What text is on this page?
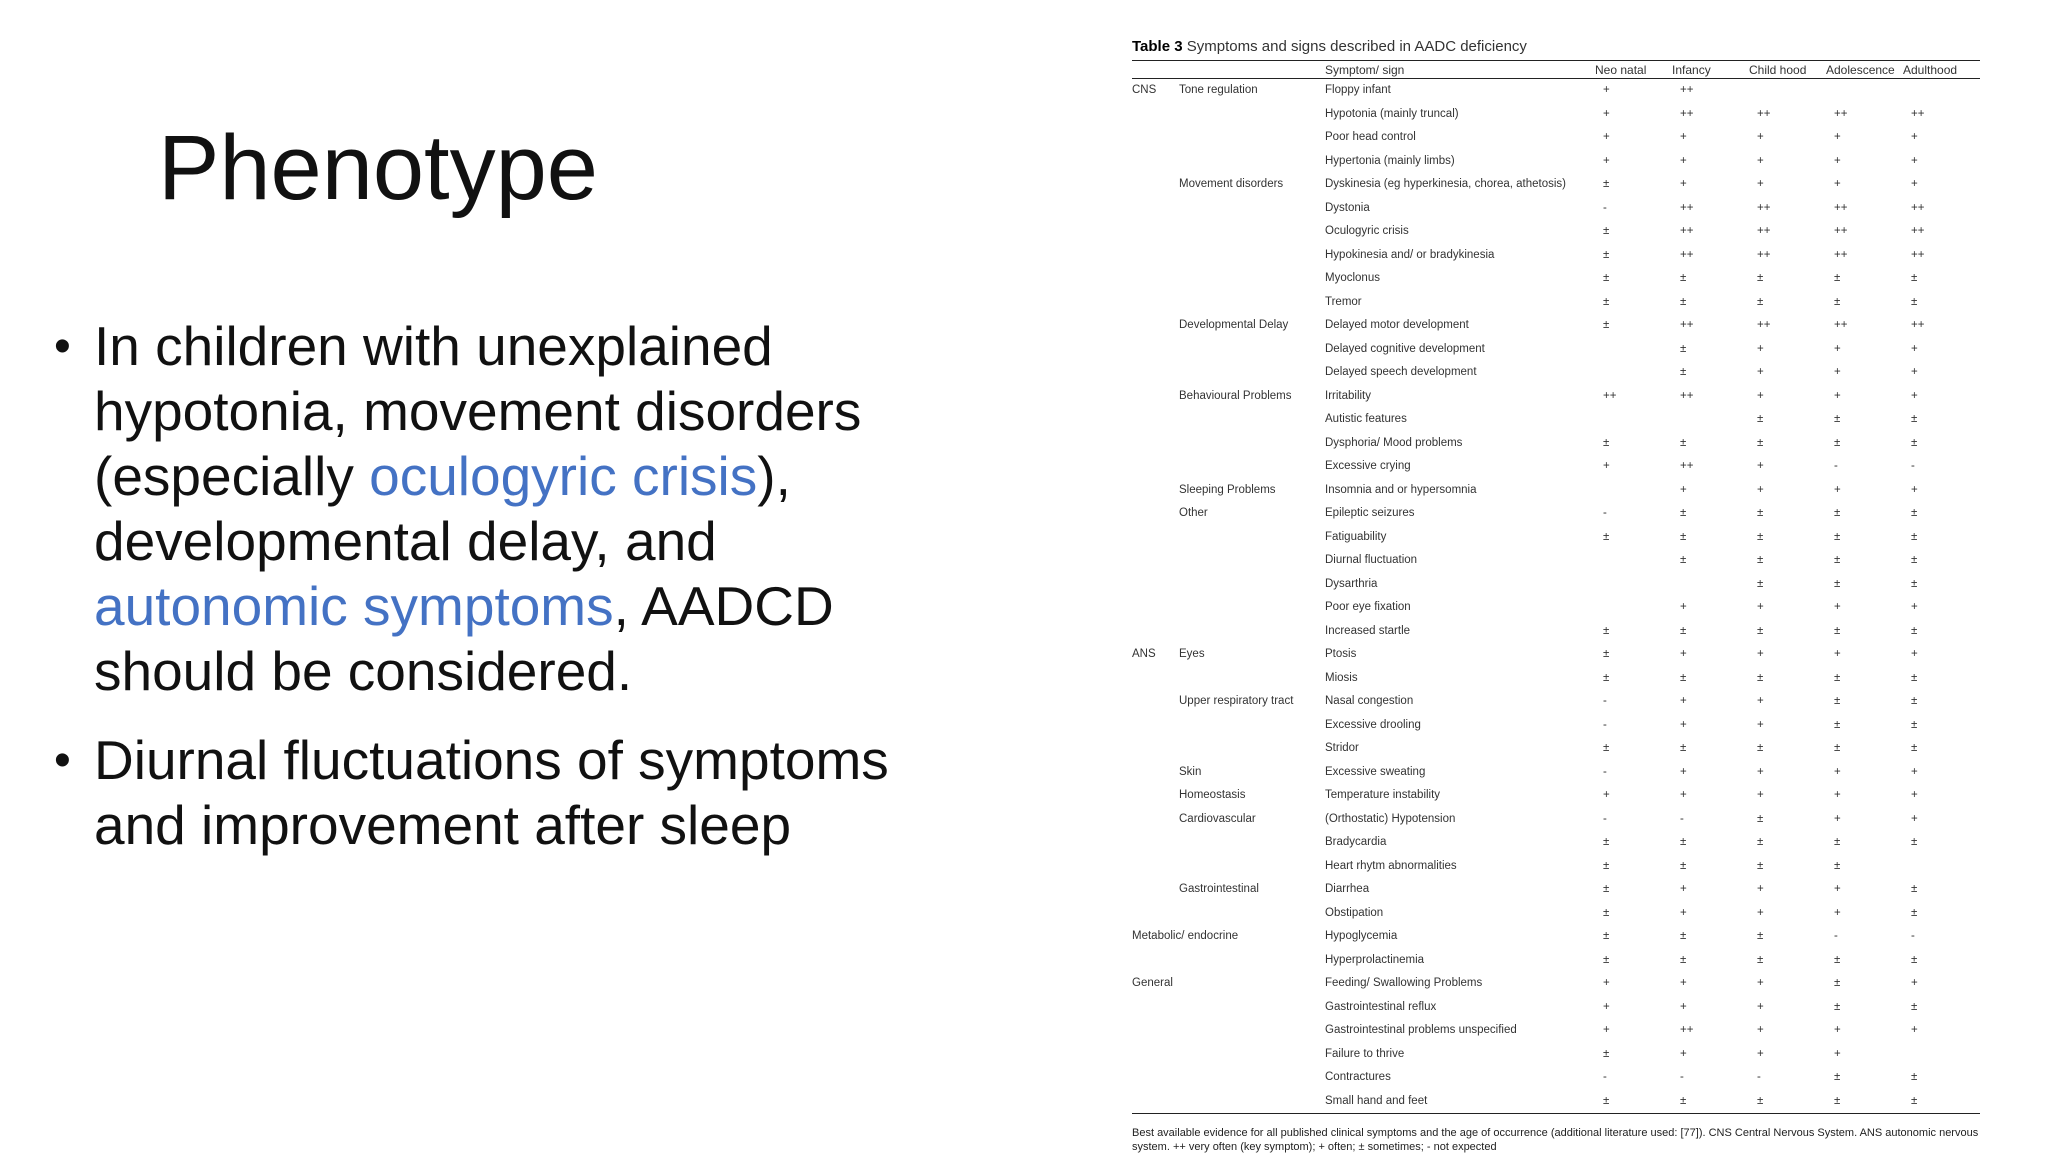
Phenotype
• In children with unexplained hypotonia, movement disorders (especially oculogyric crisis), developmental delay, and autonomic symptoms, AADCD should be considered.
• Diurnal fluctuations of symptoms and improvement after sleep
Table 3 Symptoms and signs described in AADC deficiency
		Symptom/ sign	Neo natal	Infancy	Child hood	Adolescence	Adulthood
CNS	Tone regulation	Floppy infant	+	++			
		Hypotonia (mainly truncal)	+	++	++	++	++
		Poor head control	+	+	+	+	+
		Hypertonia (mainly limbs)	+	+	+	+	+
	Movement disorders	Dyskinesia (eg hyperkinesia, chorea, athetosis)	±	+	+	+	+
		Dystonia	-	++	++	++	++
		Oculogyric crisis	±	++	++	++	++
		Hypokinesia and/ or bradykinesia	±	++	++	++	++
		Myoclonus	±	±	±	±	±
		Tremor	±	±	±	±	±
	Developmental Delay	Delayed motor development	±	++	++	++	++
		Delayed cognitive development		±	+	+	+
		Delayed speech development		±	+	+	+
	Behavioural Problems	Irritability	++	++	+	+	+
		Autistic features			±	±	±
		Dysphoria/ Mood problems	±	±	±	±	±
		Excessive crying	+	++	+	-	-
	Sleeping Problems	Insomnia and or hypersomnia		+	+	+	+
	Other	Epileptic seizures	-	±	±	±	±
		Fatiguability	±	±	±	±	±
		Diurnal fluctuation		±	±	±	±
		Dysarthria			±	±	±
		Poor eye fixation		+	+	+	+
		Increased startle	±	±	±	±	±
ANS	Eyes	Ptosis	±	+	+	+	+
		Miosis	±	±	±	±	±
	Upper respiratory tract	Nasal congestion	-	+	+	±	±
		Excessive drooling	-	+	+	±	±
		Stridor	±	±	±	±	±
	Skin	Excessive sweating	-	+	+	+	+
	Homeostasis	Temperature instability	+	+	+	+	+
	Cardiovascular	(Orthostatic) Hypotension	-	-	±	+	+
		Bradycardia	±	±	±	±	±
		Heart rhytm abnormalities	±	±	±	±	
	Gastrointestinal	Diarrhea	±	+	+	+	±
		Obstipation	±	+	+	+	±
Metabolic/ endocrine		Hypoglycemia	±	±	±	-	-
		Hyperprolactinemia	±	±	±	±	±
General		Feeding/ Swallowing Problems	+	+	+	±	+
		Gastrointestinal reflux	+	+	+	±	±
		Gastrointestinal problems unspecified	+	++	+	+	+
		Failure to thrive	±	+	+	+	
		Contractures	-	-	-	±	±
		Small hand and feet	±	±	±	±	±
Best available evidence for all published clinical symptoms and the age of occurrence (additional literature used: [77]). CNS Central Nervous System. ANS autonomic nervous system. ++ very often (key symptom); + often; ± sometimes; - not expected
